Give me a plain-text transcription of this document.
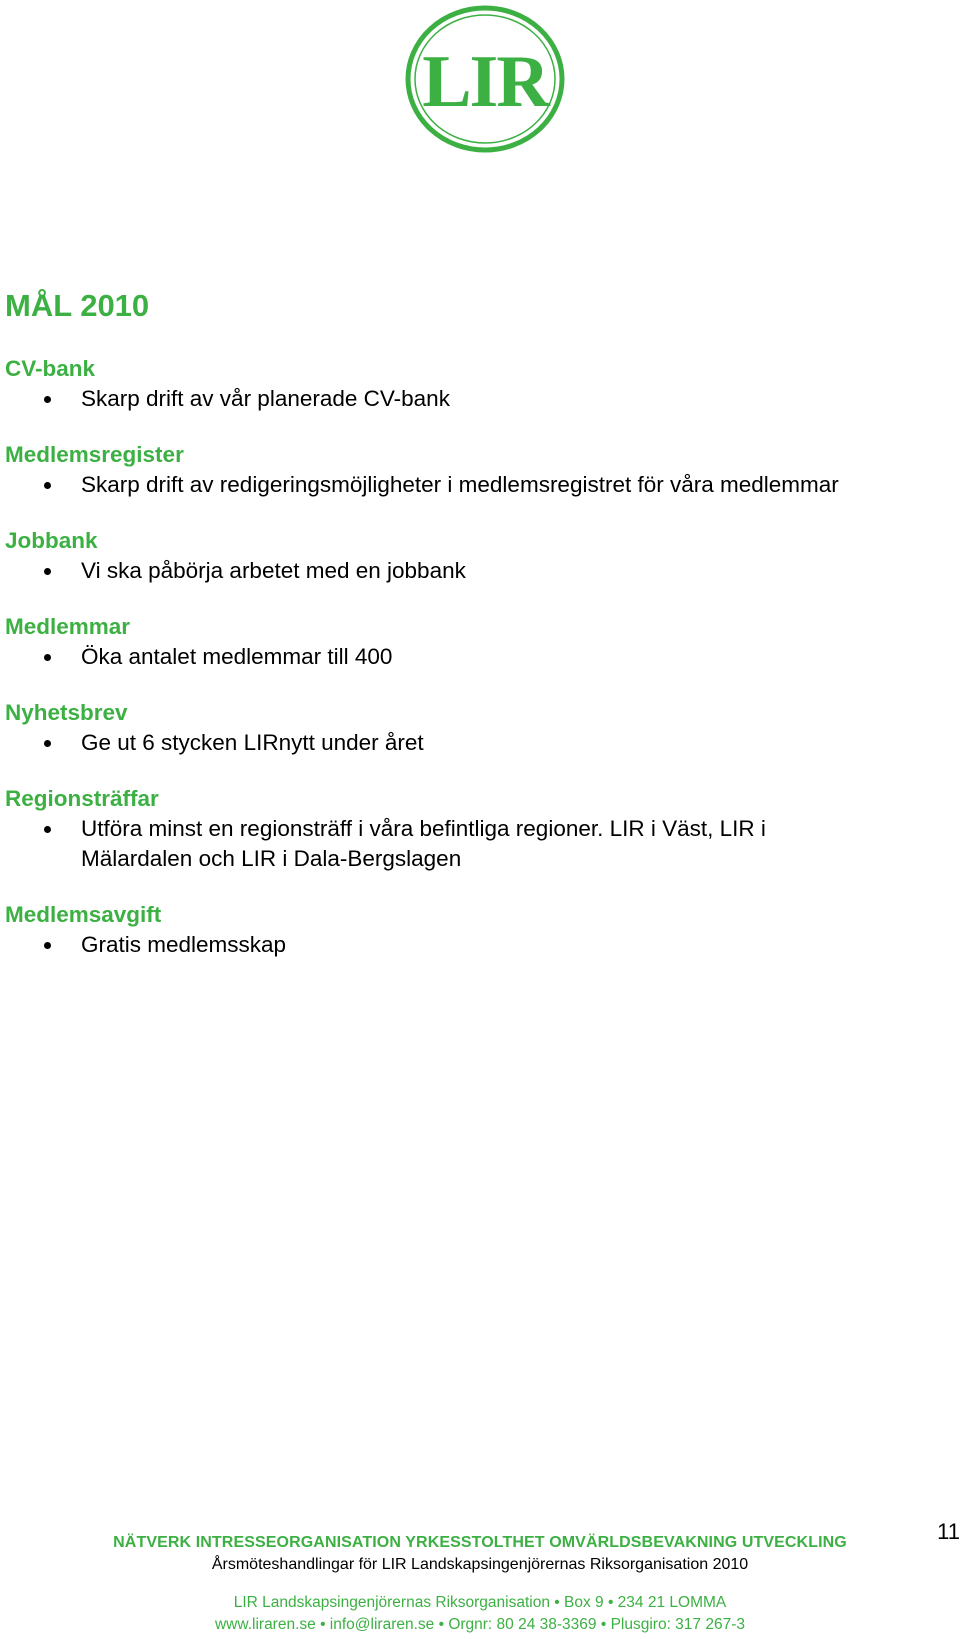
LIR
MÅL 2010
CV-bank
Skarp drift av vår planerade CV-bank
Medlemsregister
Skarp drift av redigeringsmöjligheter i medlemsregistret för våra medlemmar
Jobbank
Vi ska påbörja arbetet med en jobbank
Medlemmar
Öka antalet medlemmar till 400
Nyhetsbrev
Ge ut 6 stycken LIRnytt under året
Regionsträffar
Utföra minst en regionsträff i våra befintliga regioner. LIR i Väst, LIR i Mälardalen och LIR i Dala-Bergslagen
Medlemsavgift
Gratis medlemsskap
11
NÄTVERK INTRESSEORGANISATION YRKESSTOLTHET OMVÄRLDSBEVAKNING UTVECKLING
Årsmöteshandlingar för LIR Landskapsingenjörernas Riksorganisation 2010
LIR Landskapsingenjörernas Riksorganisation • Box 9 • 234 21 LOMMA
www.liraren.se • info@liraren.se • Orgnr: 80 24 38-3369 • Plusgiro: 317 267-3
